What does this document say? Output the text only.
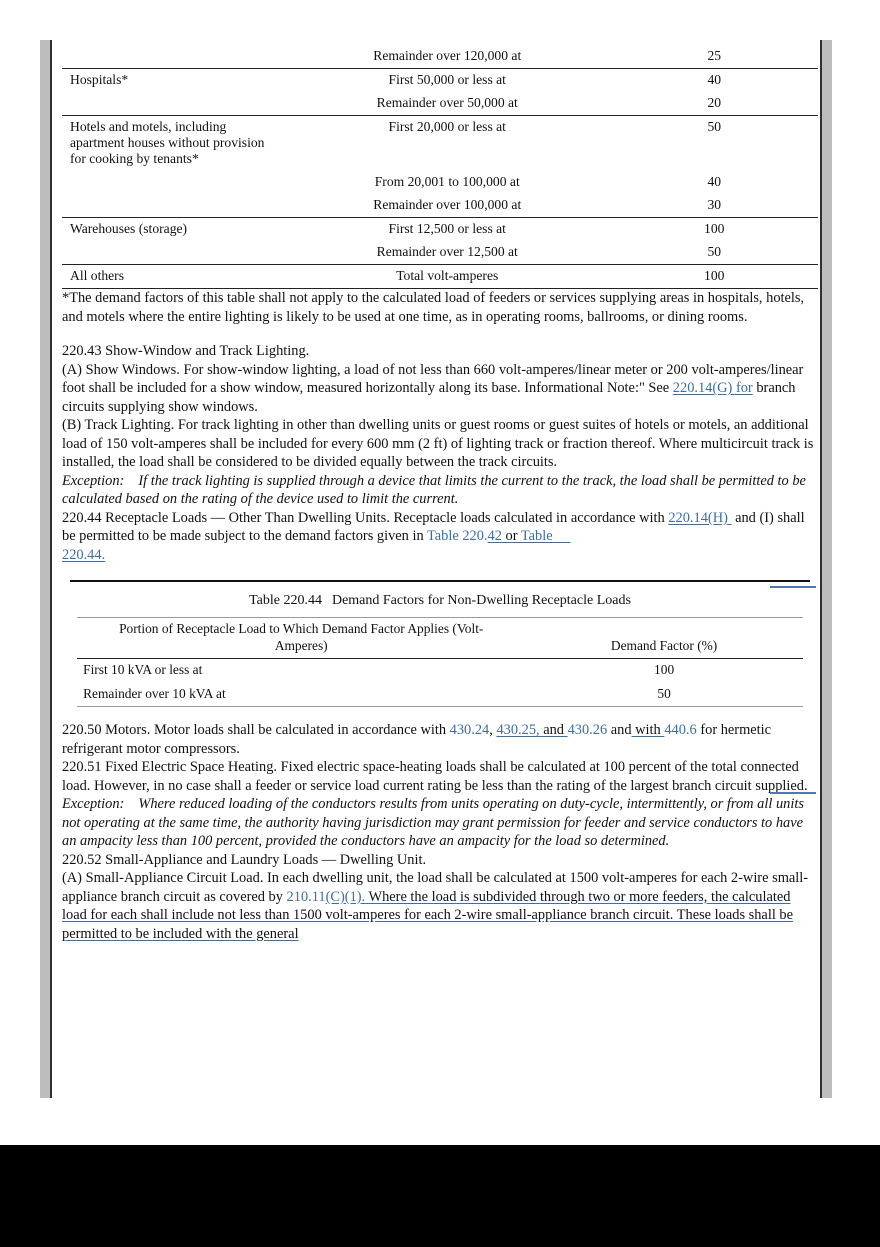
	Remainder over 120,000 at	25
Hospitals*	First 50,000 or less at	40
	Remainder over 50,000 at	20
Hotels and motels, including
apartment houses without provision
for cooking by tenants*	First 20,000 or less at	50
	From 20,001 to 100,000 at	40
	Remainder over 100,000 at	30
Warehouses (storage)	First 12,500 or less at	100
	Remainder over 12,500 at	50
All others	Total volt-amperes	100

*The demand factors of this table shall not apply to the calculated load of feeders or services supplying areas in hospitals, hotels, and motels where the entire lighting is likely to be used at one time, as in operating rooms, ballrooms, or dining rooms.

220.43 Show-Window and Track Lighting.

(A) Show Windows. For show-window lighting, a load of not less than 660 volt-amperes/linear meter or 200 volt-amperes/linear foot shall be included for a show window, measured horizontally along its base. Informational Note:" See 220.14(G) for branch circuits supplying show windows.

(B) Track Lighting. For track lighting in other than dwelling units or guest rooms or guest suites of hotels or motels, an additional load of 150 volt-amperes shall be included for every 600 mm (2 ft) of lighting track or fraction thereof. Where multicircuit track is installed, the load shall be considered to be divided equally between the track circuits.

Exception: If the track lighting is supplied through a device that limits the current to the track, the load shall be permitted to be calculated based on the rating of the device used to limit the current.

220.44 Receptacle Loads — Other Than Dwelling Units. Receptacle loads calculated in accordance with 220.14(H)  and (I) shall be permitted to be made subject to the demand factors given in Table 220.42 or Table
220.44.

Table 220.44 Demand Factors for Non-Dwelling Receptacle Loads
Portion of Receptacle Load to Which Demand Factor Applies (Volt-
Amperes)	Demand Factor (%)
First 10 kVA or less at	100
Remainder over 10 kVA at	50

220.50 Motors. Motor loads shall be calculated in accordance with 430.24, 430.25, and 430.26 and with 440.6 for hermetic refrigerant motor compressors.

220.51 Fixed Electric Space Heating. Fixed electric space-heating loads shall be calculated at 100 percent of the total connected load. However, in no case shall a feeder or service load current rating be less than the rating of the largest branch circuit supplied.

Exception: Where reduced loading of the conductors results from units operating on duty-cycle, intermittently, or from all units not operating at the same time, the authority having jurisdiction may grant permission for feeder and service conductors to have an ampacity less than 100 percent, provided the conductors have an ampacity for the load so determined.

220.52 Small-Appliance and Laundry Loads — Dwelling Unit.

(A) Small-Appliance Circuit Load. In each dwelling unit, the load shall be calculated at 1500 volt-amperes for each 2-wire small-appliance branch circuit as covered by 210.11(C)(1). Where the load is subdivided through two or more feeders, the calculated load for each shall include not less than 1500 volt-amperes for each 2-wire small-appliance branch circuit. These loads shall be permitted to be included with the general
